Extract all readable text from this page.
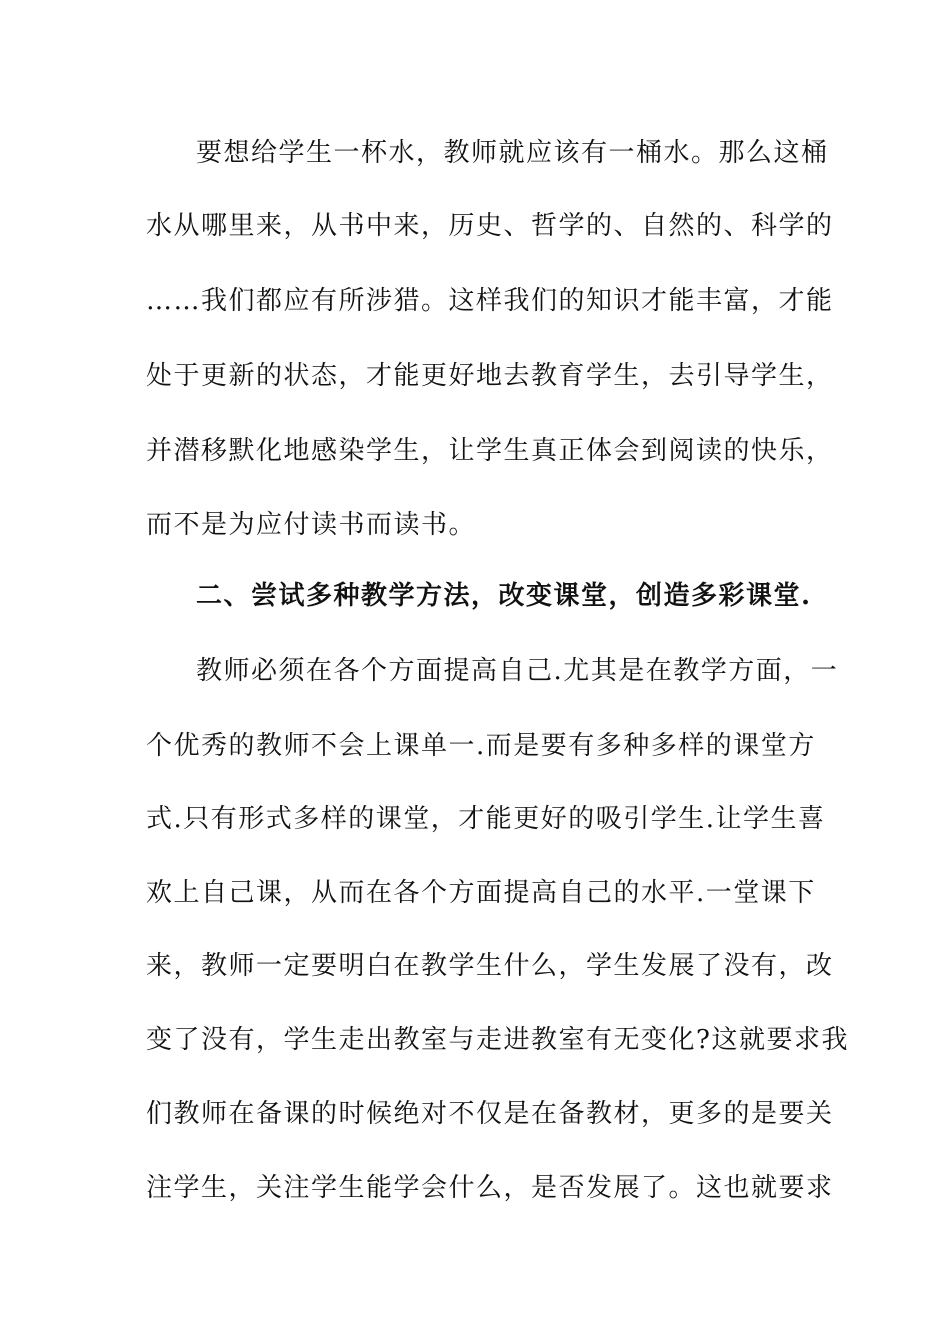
要想给学生一杯水，教师就应该有一桶水。那么这桶
水从哪里来，从书中来，历史、哲学的、自然的、科学的
……我们都应有所涉猎。这样我们的知识才能丰富，才能
处于更新的状态，才能更好地去教育学生，去引导学生，
并潜移默化地感染学生，让学生真正体会到阅读的快乐，
而不是为应付读书而读书。
二、尝试多种教学方法，改变课堂，创造多彩课堂.
教师必须在各个方面提高自己.尤其是在教学方面，一
个优秀的教师不会上课单一.而是要有多种多样的课堂方
式.只有形式多样的课堂，才能更好的吸引学生.让学生喜
欢上自己课，从而在各个方面提高自己的水平.一堂课下
来，教师一定要明白在教学生什么，学生发展了没有，改
变了没有，学生走出教室与走进教室有无变化?这就要求我
们教师在备课的时候绝对不仅是在备教材，更多的是要关
注学生，关注学生能学会什么，是否发展了。这也就要求
